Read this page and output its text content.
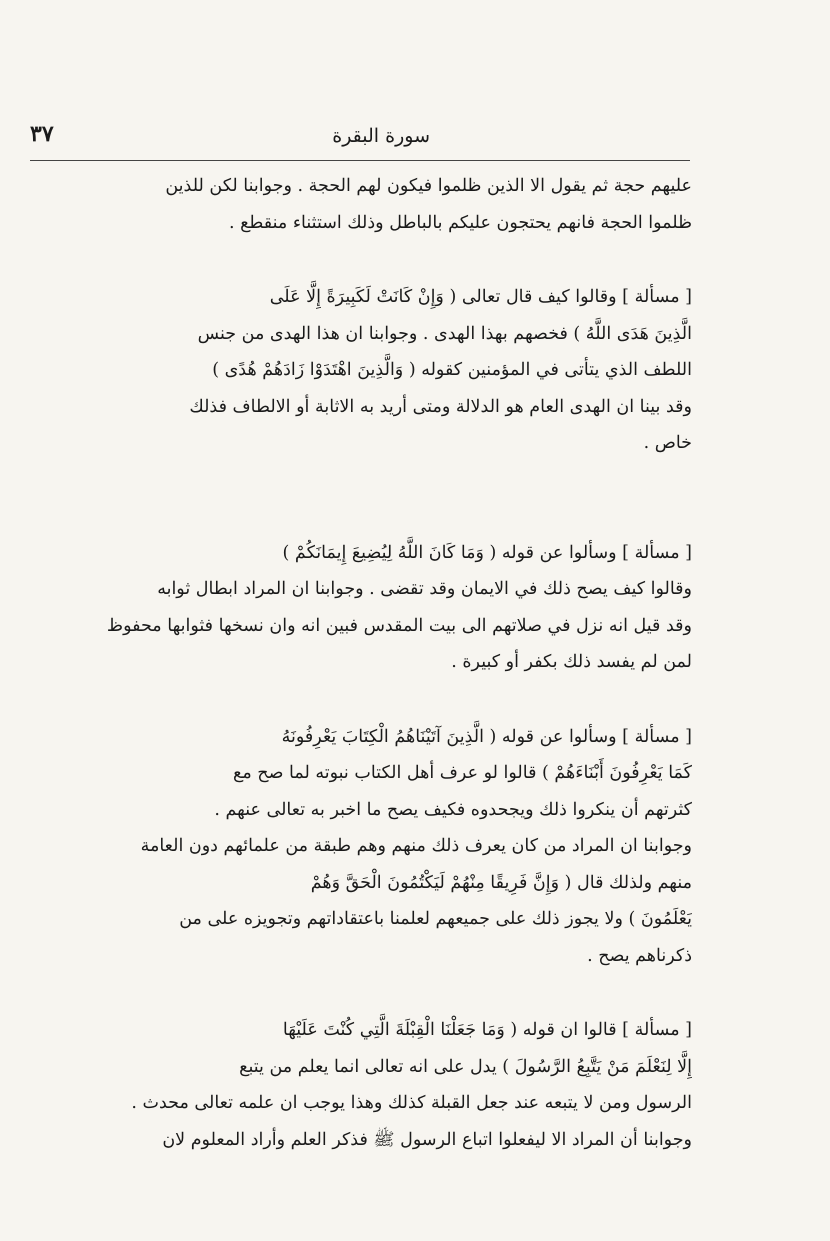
سورة البقرة
٣٧
عليهم حجة ثم يقول الا الذين ظلموا فيكون لهم الحجة . وجوابنا لكن للذين
ظلموا الحجة فانهم يحتجون عليكم بالباطل وذلك استثناء منقطع .
[ مسألة ] وقالوا كيف قال تعالى ( وَإِنْ كَانَتْ لَكَبِيرَةً إِلَّا عَلَى
الَّذِينَ هَدَى اللَّهُ ) فخصهم بهذا الهدى . وجوابنا ان هذا الهدى من جنس
اللطف الذي يتأتى في المؤمنين كقوله ( وَالَّذِينَ اهْتَدَوْا زَادَهُمْ هُدًى )
وقد بينا ان الهدى العام هو الدلالة ومتى أريد به الاثابة أو الالطاف فذلك
خاص .
[ مسألة ] وسألوا عن قوله ( وَمَا كَانَ اللَّهُ لِيُضِيعَ إِيمَانَكُمْ )
وقالوا كيف يصح ذلك في الايمان وقد تقضى . وجوابنا ان المراد ابطال ثوابه
وقد قيل انه نزل في صلاتهم الى بيت المقدس فبين انه وان نسخها فثوابها محفوظ
لمن لم يفسد ذلك بكفر أو كبيرة .
[ مسألة ] وسألوا عن قوله ( الَّذِينَ آتَيْنَاهُمُ الْكِتَابَ يَعْرِفُونَهُ
كَمَا يَعْرِفُونَ أَبْنَاءَهُمْ ) قالوا لو عرف أهل الكتاب نبوته لما صح مع
كثرتهم أن ينكروا ذلك ويجحدوه فكيف يصح ما اخبر به تعالى عنهم .
وجوابنا ان المراد من كان يعرف ذلك منهم وهم طبقة من علمائهم دون العامة
منهم ولذلك قال ( وَإِنَّ فَرِيقًا مِنْهُمْ لَيَكْتُمُونَ الْحَقَّ وَهُمْ
يَعْلَمُونَ ) ولا يجوز ذلك على جميعهم لعلمنا باعتقاداتهم وتجويزه على من
ذكرناهم يصح .
[ مسألة ] قالوا ان قوله ( وَمَا جَعَلْنَا الْقِبْلَةَ الَّتِي كُنْتَ عَلَيْهَا
إِلَّا لِنَعْلَمَ مَنْ يَتَّبِعُ الرَّسُولَ ) يدل على انه تعالى انما يعلم من يتبع
الرسول ومن لا يتبعه عند جعل القبلة كذلك وهذا يوجب ان علمه تعالى محدث .
وجوابنا أن المراد الا ليفعلوا اتباع الرسول ﷺ فذكر العلم وأراد المعلوم لان
